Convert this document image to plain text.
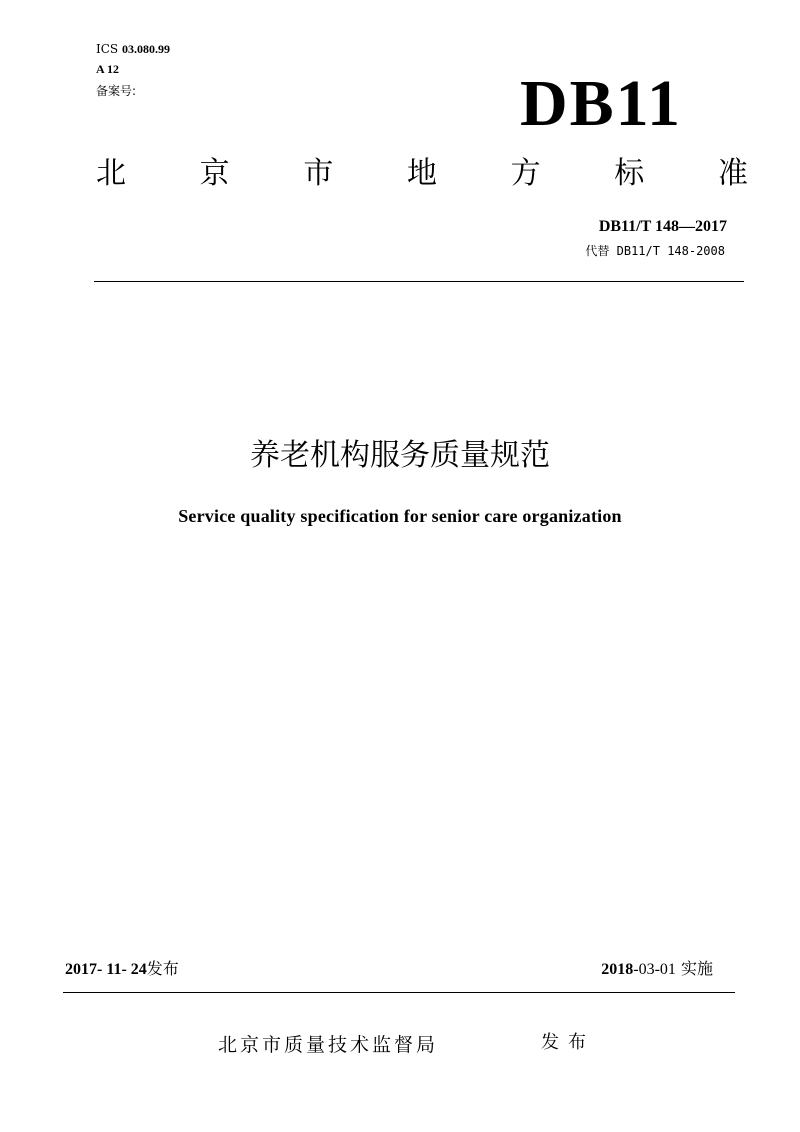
ICS 03.080.99
A 12
备案号:	DB11
北 京 市 地 方 标 准
DB11/T 148—2017
代替 DB11/T 148-2008
养老机构服务质量规范
Service quality specification for senior care organization
2017- 11- 24发布	2018-03-01 实施
北京市质量技术监督局	发布
